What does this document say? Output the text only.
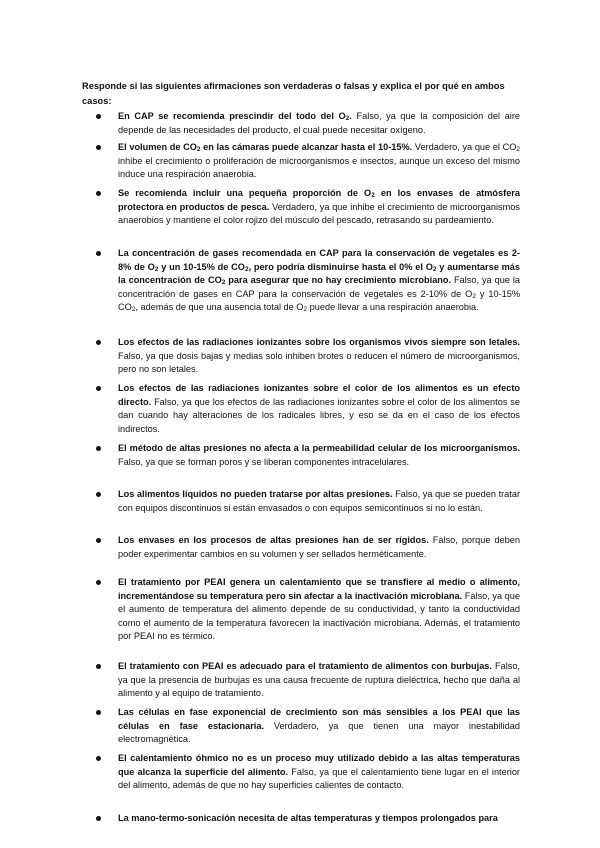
Responde si las siguientes afirmaciones son verdaderas o falsas y explica el por qué en ambos casos:

En CAP se recomienda prescindir del todo del $O_2$. Falso, ya que la composición del aire depende de las necesidades del producto, el cual puede necesitar oxígeno.
El volumen de $CO_2$ en las cámaras puede alcanzar hasta el 10-15%. Verdadero, ya que el $CO_2$ inhibe el crecimiento o proliferación de microorganismos e insectos, aunque un exceso del mismo induce una respiración anaerobia.
Se recomienda incluir una pequeña proporción de $O_2$ en los envases de atmósfera protectora en productos de pesca. Verdadero, ya que inhibe el crecimiento de microorganismos anaerobios y mantiene el color rojizo del músculo del pescado, retrasando su pardeamiento.
La concentración de gases recomendada en CAP para la conservación de vegetales es 2-8% de $O_2$ y un 10-15% de $CO_2$, pero podría disminuirse hasta el 0% el $O_2$ y aumentarse más la concentración de $CO_2$ para asegurar que no hay crecimiento microbiano. Falso, ya que la concentración de gases en CAP para la conservación de vegetales es 2-10% de $O_2$ y 10-15% $CO_2$, además de que una ausencia total de $O_2$ puede llevar a una respiración anaerobia.
Los efectos de las radiaciones ionizantes sobre los organismos vivos siempre son letales. Falso, ya que dosis bajas y medias solo inhiben brotes o reducen el número de microorganismos, pero no son letales.
Los efectos de las radiaciones ionizantes sobre el color de los alimentos es un efecto directo. Falso, ya que los efectos de las radiaciones ionizantes sobre el color de los alimentos se dan cuando hay alteraciones de los radicales libres, y eso se da en el caso de los efectos indirectos.
El método de altas presiones no afecta a la permeabilidad celular de los microorganismos. Falso, ya que se forman poros y se liberan componentes intracelulares.
Los alimentos líquidos no pueden tratarse por altas presiones. Falso, ya que se pueden tratar con equipos discontinuos si están envasados o con equipos semicontinuos si no lo están.
Los envases en los procesos de altas presiones han de ser rígidos. Falso, porque deben poder experimentar cambios en su volumen y ser sellados herméticamente.
El tratamiento por PEAI genera un calentamiento que se transfiere al medio o alimento, incrementándose su temperatura pero sin afectar a la inactivación microbiana. Falso, ya que el aumento de temperatura del alimento depende de su conductividad, y tanto la conductividad como el aumento de la temperatura favorecen la inactivación microbiana. Además, el tratamiento por PEAI no es térmico.
El tratamiento con PEAI es adecuado para el tratamiento de alimentos con burbujas. Falso, ya que la presencia de burbujas es una causa frecuente de ruptura dieléctrica, hecho que daña al alimento y al equipo de tratamiento.
Las células en fase exponencial de crecimiento son más sensibles a los PEAI que las células en fase estacionaria. Verdadero, ya que tienen una mayor inestabilidad electromagnética.
El calentamiento óhmico no es un proceso muy utilizado debido a las altas temperaturas que alcanza la superficie del alimento. Falso, ya que el calentamiento tiene lugar en el interior del alimento, además de que no hay superficies calientes de contacto.
La mano-termo-sonicación necesita de altas temperaturas y tiempos prolongados para
